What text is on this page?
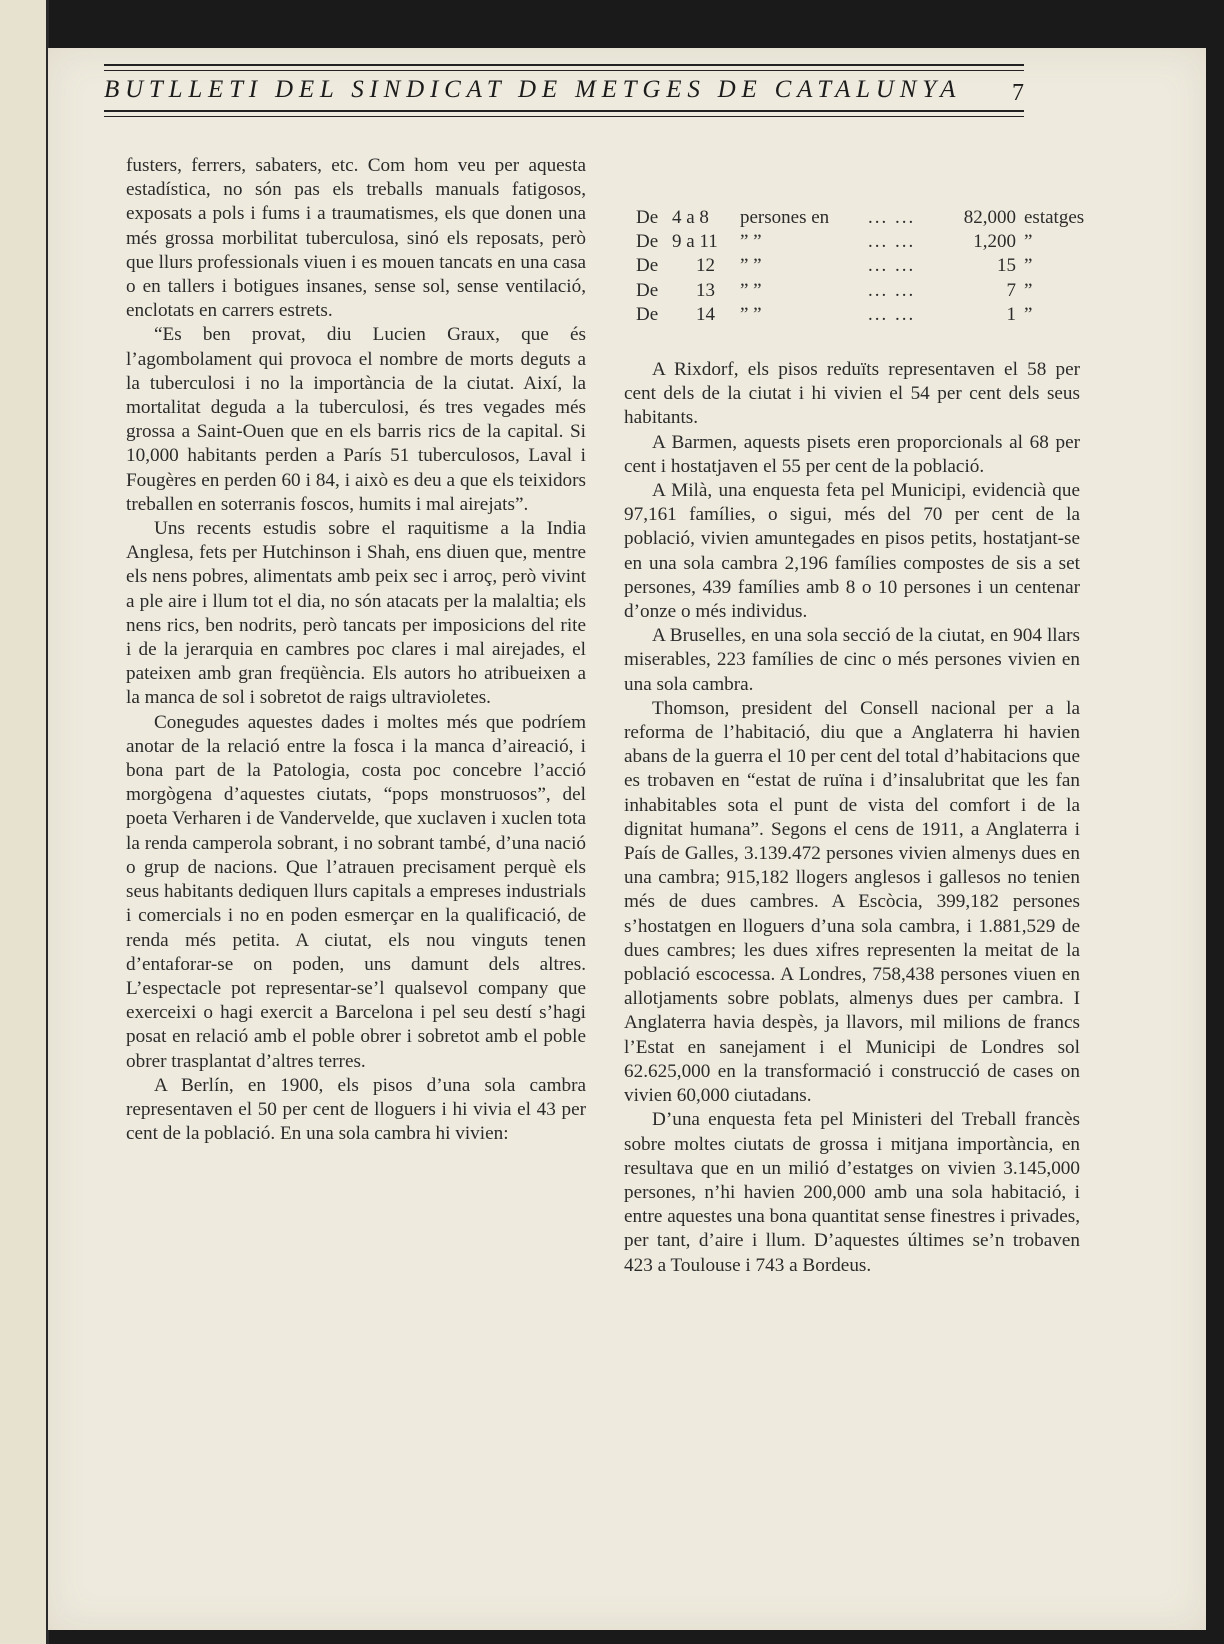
BUTLLETI DEL SINDICAT DE METGES DE CATALUNYA	7

fusters, ferrers, sabaters, etc. Com hom veu per aquesta estadística, no són pas els treballs manuals fatigosos, exposats a pols i fums i a traumatismes, els que donen una més grossa morbilitat tuberculosa, sinó els reposats, però que llurs professionals viuen i es mouen tancats en una casa o en tallers i botigues insanes, sense sol, sense ventilació, enclotats en carrers estrets.

“Es ben provat, diu Lucien Graux, que és l’agombolament qui provoca el nombre de morts deguts a la tuberculosi i no la importància de la ciutat. Així, la mortalitat deguda a la tuberculosi, és tres vegades més grossa a Saint-Ouen que en els barris rics de la capital. Si 10,000 habitants perden a París 51 tuberculosos, Laval i Fougères en perden 60 i 84, i això es deu a que els teixidors treballen en soterranis foscos, humits i mal airejats”.

Uns recents estudis sobre el raquitisme a la India Anglesa, fets per Hutchinson i Shah, ens diuen que, mentre els nens pobres, alimentats amb peix sec i arroç, però vivint a ple aire i llum tot el dia, no són atacats per la malaltia; els nens rics, ben nodrits, però tancats per imposicions del rite i de la jerarquia en cambres poc clares i mal airejades, el pateixen amb gran freqüència. Els autors ho atribueixen a la manca de sol i sobretot de raigs ultravioletes.

Conegudes aquestes dades i moltes més que podríem anotar de la relació entre la fosca i la manca d’aireació, i bona part de la Patologia, costa poc concebre l’acció morgògena d’aquestes ciutats, “pops monstruosos”, del poeta Verharen i de Vandervelde, que xuclaven i xuclen tota la renda camperola sobrant, i no sobrant també, d’una nació o grup de nacions. Que l’atrauen precisament perquè els seus habitants dediquen llurs capitals a empreses industrials i comercials i no en poden esmerçar en la qualificació, de renda més petita. A ciutat, els nou vinguts tenen d’entaforar-se on poden, uns damunt dels altres. L’espectacle pot representar-se’l qualsevol company que exerceixi o hagi exercit a Barcelona i pel seu destí s’hagi posat en relació amb el poble obrer i sobretot amb el poble obrer trasplantat d’altres terres.

A Berlín, en 1900, els pisos d’una sola cambra representaven el 50 per cent de lloguers i hi vivia el 43 per cent de la població. En una sola cambra hi vivien:

De 4 a 8 persones en ... ...	82,000 estatges
De 9 a 11 ” ”	... ...	1,200 ”
De 12 ” ”	... ...	15 ”
De 13 ” ”	... ...	7 ”
De 14 ” ”	... ...	1 ”

A Rixdorf, els pisos reduïts representaven el 58 per cent dels de la ciutat i hi vivien el 54 per cent dels seus habitants.

A Barmen, aquests pisets eren proporcionals al 68 per cent i hostatjaven el 55 per cent de la població.

A Milà, una enquesta feta pel Municipi, evidencià que 97,161 famílies, o sigui, més del 70 per cent de la població, vivien amuntegades en pisos petits, hostatjant-se en una sola cambra 2,196 famílies compostes de sis a set persones, 439 famílies amb 8 o 10 persones i un centenar d’onze o més individus.

A Bruselles, en una sola secció de la ciutat, en 904 llars miserables, 223 famílies de cinc o més persones vivien en una sola cambra.

Thomson, president del Consell nacional per a la reforma de l’habitació, diu que a Anglaterra hi havien abans de la guerra el 10 per cent del total d’habitacions que es trobaven en “estat de ruïna i d’insalubritat que les fan inhabitables sota el punt de vista del comfort i de la dignitat humana”. Segons el cens de 1911, a Anglaterra i País de Galles, 3.139.472 persones vivien almenys dues en una cambra; 915,182 llogers anglesos i gallesos no tenien més de dues cambres. A Escòcia, 399,182 persones s’hostatgen en lloguers d’una sola cambra, i 1.881,529 de dues cambres; les dues xifres representen la meitat de la població escocessa. A Londres, 758,438 persones viuen en allotjaments sobre poblats, almenys dues per cambra. I Anglaterra havia despès, ja llavors, mil milions de francs l’Estat en sanejament i el Municipi de Londres sol 62.625,000 en la transformació i construcció de cases on vivien 60,000 ciutadans.

D’una enquesta feta pel Ministeri del Treball francès sobre moltes ciutats de grossa i mitjana importància, en resultava que en un milió d’estatges on vivien 3.145,000 persones, n’hi havien 200,000 amb una sola habitació, i entre aquestes una bona quantitat sense finestres i privades, per tant, d’aire i llum. D’aquestes últimes se’n trobaven 423 a Toulouse i 743 a Bordeus.
